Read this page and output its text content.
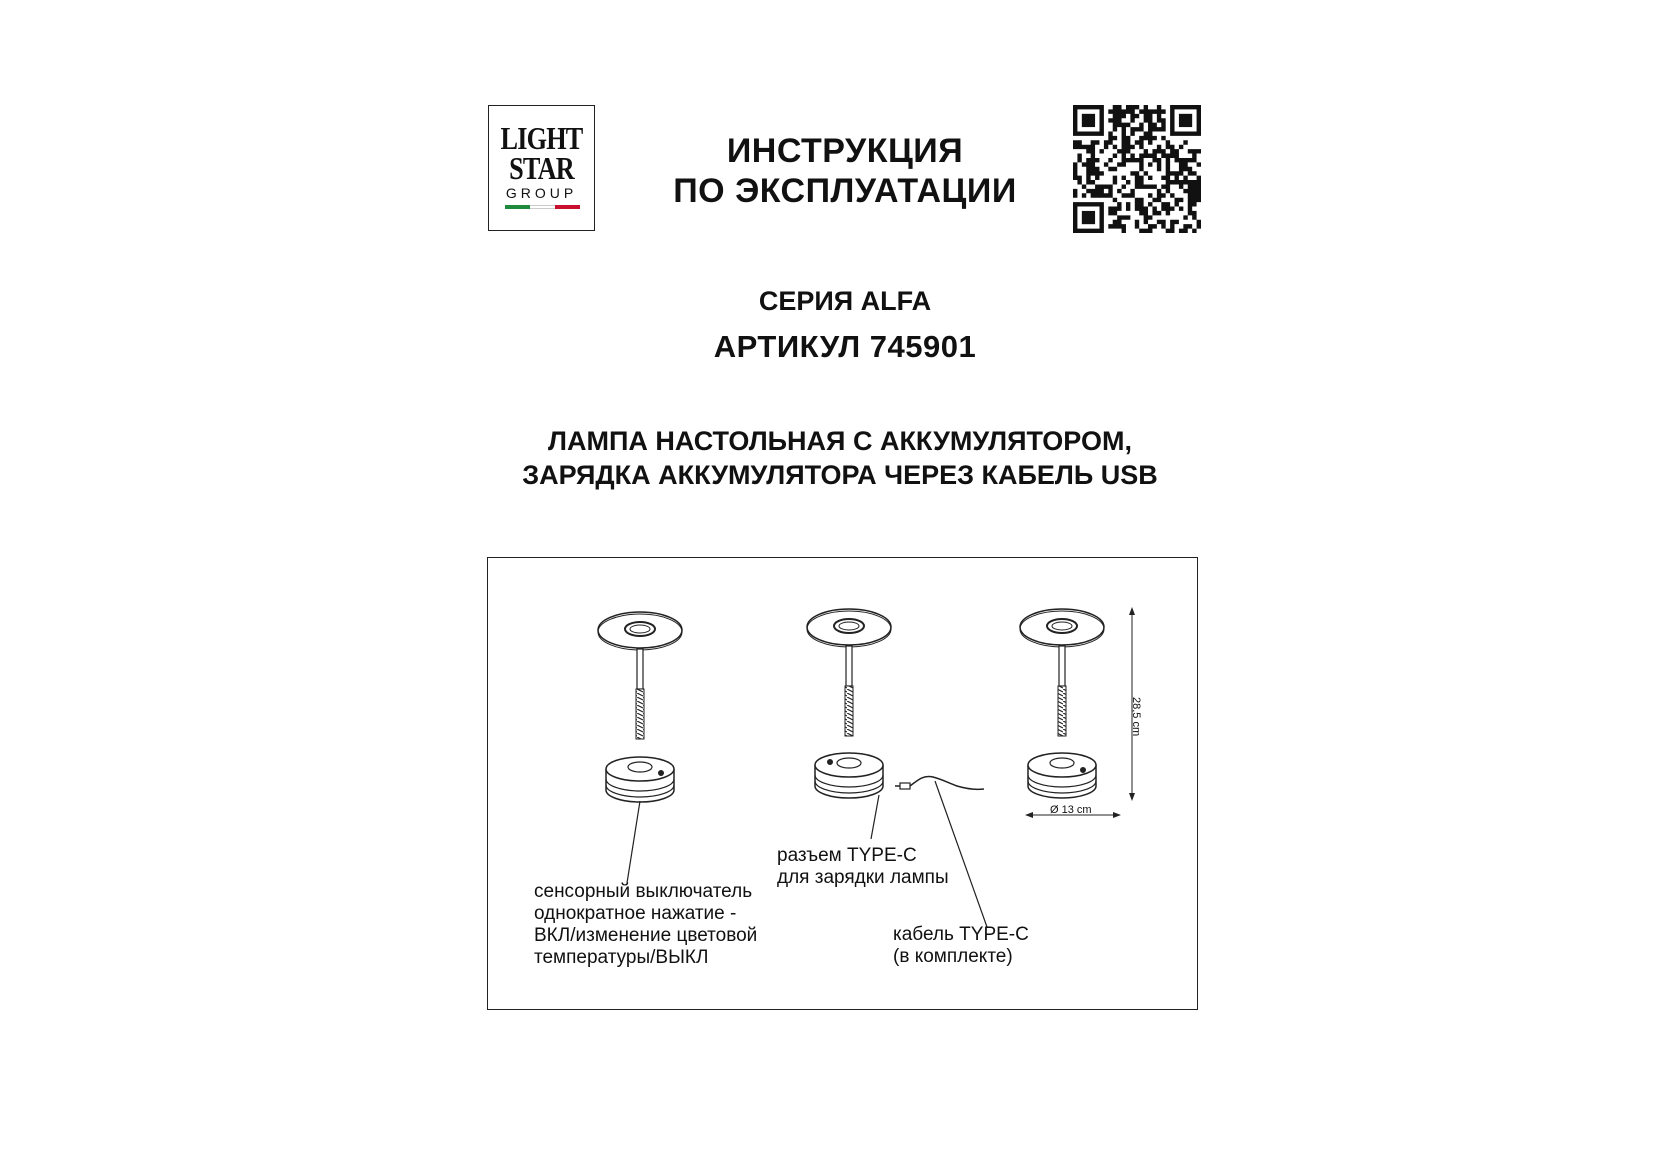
LIGHT
STAR
GROUP
ИНСТРУКЦИЯ
ПО ЭКСПЛУАТАЦИИ
СЕРИЯ ALFA
АРТИКУЛ 745901
ЛАМПА НАСТОЛЬНАЯ С АККУМУЛЯТОРОМ,
ЗАРЯДКА АККУМУЛЯТОРА ЧЕРЕЗ КАБЕЛЬ USB
28,5 cm
Ø 13 cm
сенсорный выключатель
однократное нажатие -
ВКЛ/изменение цветовой
температуры/ВЫКЛ
разъем TYPE-C
для зарядки лампы
кабель TYPE-C
(в комплекте)
